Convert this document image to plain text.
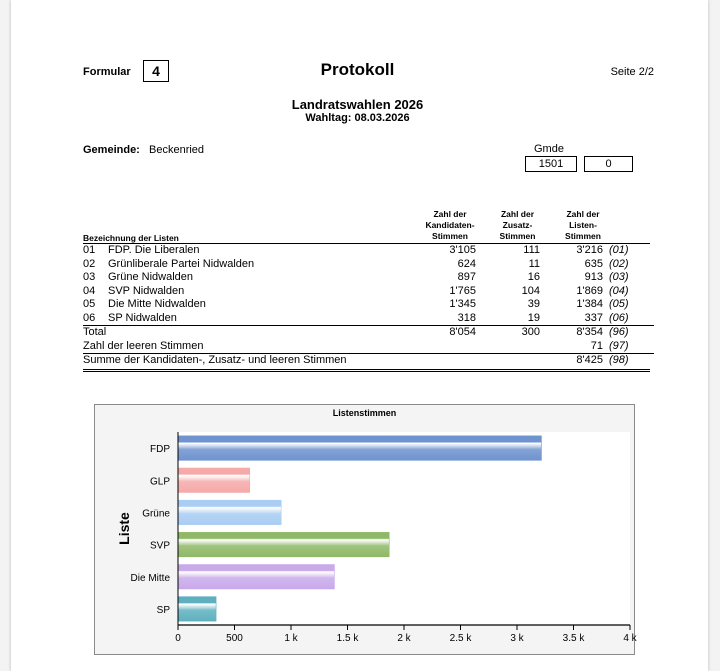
Formular	4	Protokoll	Seite 2/2
Landratswahlen 2026
Wahltag: 08.03.2026
Gemeinde: Beckenried	Gmde
1501	0
Zahl der
Kandidaten-
Stimmen
Zahl der
Zusatz-
Stimmen
Zahl der
Listen-
Stimmen
Bezeichnung der Listen
01	FDP. Die Liberalen	3'105	111	3'216	(01)
02	Grünliberale Partei Nidwalden	624	11	635	(02)
03	Grüne Nidwalden	897	16	913	(03)
04	SVP Nidwalden	1'765	104	1'869	(04)
05	Die Mitte Nidwalden	1'345	39	1'384	(05)
06	SP Nidwalden	318	19	337	(06)
Total		8'054	300	8'354	(96)
Zahl der leeren Stimmen				71	(97)
Summe der Kandidaten-, Zusatz- und leeren Stimmen				8'425	(98)
Listenstimmen
FDP
GLP
Grüne
SVP
Die Mitte
SP
0	500	1 k	1.5 k	2 k	2.5 k	3 k	3.5 k	4 k
Liste
